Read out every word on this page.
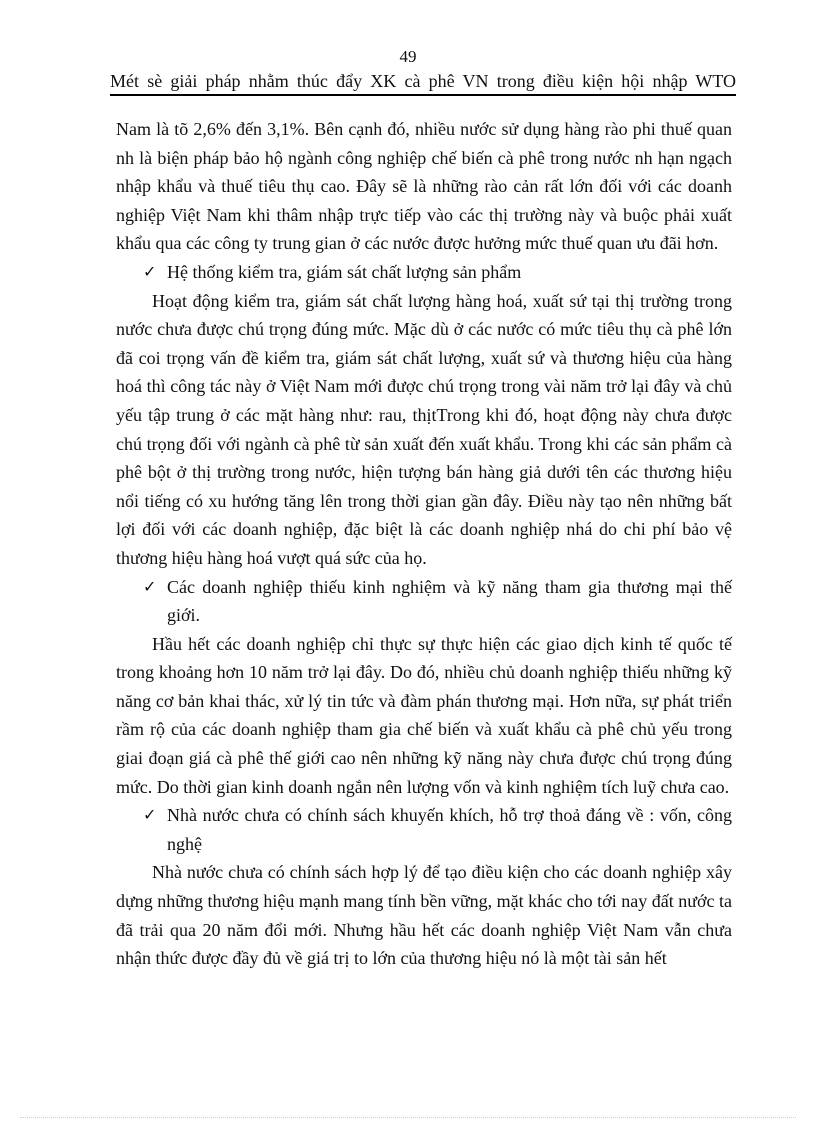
49
Mét sè giải pháp nhằm thúc đẩy XK cà phê VN trong điều kiện hội nhập WTO

Nam là tõ 2,6% đến 3,1%. Bên cạnh đó, nhiều nước sử dụng hàng rào phi thuế quan nh là biện pháp bảo hộ ngành công nghiệp chế biến cà phê trong nước nh hạn ngạch nhập khẩu và thuế tiêu thụ cao. Đây sẽ là những rào cản rất lớn đối với các doanh nghiệp Việt Nam khi thâm nhập trực tiếp vào các thị trường này và buộc phải xuất khẩu qua các công ty trung gian ở các nước được hưởng mức thuế quan ưu đãi hơn.

✓ Hệ thống kiểm tra, giám sát chất lượng sản phẩm

Hoạt động kiểm tra, giám sát chất lượng hàng hoá, xuất sứ tại thị trường trong nước chưa được chú trọng đúng mức. Mặc dù ở các nước có mức tiêu thụ cà phê lớn đã coi trọng vấn đề kiểm tra, giám sát chất lượng, xuất sứ và thương hiệu của hàng hoá thì công tác này ở Việt Nam mới được chú trọng trong vài năm trở lại đây và chủ yếu tập trung ở các mặt hàng như: rau, thịtTrong khi đó, hoạt động này chưa được chú trọng đối với ngành cà phê từ sản xuất đến xuất khẩu. Trong khi các sản phẩm cà phê bột ở thị trường trong nước, hiện tượng bán hàng giả dưới tên các thương hiệu nổi tiếng có xu hướng tăng lên trong thời gian gần đây. Điều này tạo nên những bất lợi đối với các doanh nghiệp, đặc biệt là các doanh nghiệp nhá do chi phí bảo vệ thương hiệu hàng hoá vượt quá sức của họ.

✓ Các doanh nghiệp thiếu kinh nghiệm và kỹ năng tham gia thương mại thế giới.

Hầu hết các doanh nghiệp chỉ thực sự thực hiện các giao dịch kinh tế quốc tế trong khoảng hơn 10 năm trở lại đây. Do đó, nhiều chủ doanh nghiệp thiếu những kỹ năng cơ bản khai thác, xử lý tin tức và đàm phán thương mại. Hơn nữa, sự phát triển rầm rộ của các doanh nghiệp tham gia chế biến và xuất khẩu cà phê chủ yếu trong giai đoạn giá cà phê thế giới cao nên những kỹ năng này chưa được chú trọng đúng mức. Do thời gian kinh doanh ngắn nên lượng vốn và kinh nghiệm tích luỹ chưa cao.

✓ Nhà nước chưa có chính sách khuyến khích, hỗ trợ thoả đáng về : vốn, công nghệ

Nhà nước chưa có chính sách hợp lý để tạo điều kiện cho các doanh nghiệp xây dựng những thương hiệu mạnh mang tính bền vững, mặt khác cho tới nay đất nước ta đã trải qua 20 năm đổi mới. Nhưng hầu hết các doanh nghiệp Việt Nam vẫn chưa nhận thức được đầy đủ về giá trị to lớn của thương hiệu nó là một tài sản hết
